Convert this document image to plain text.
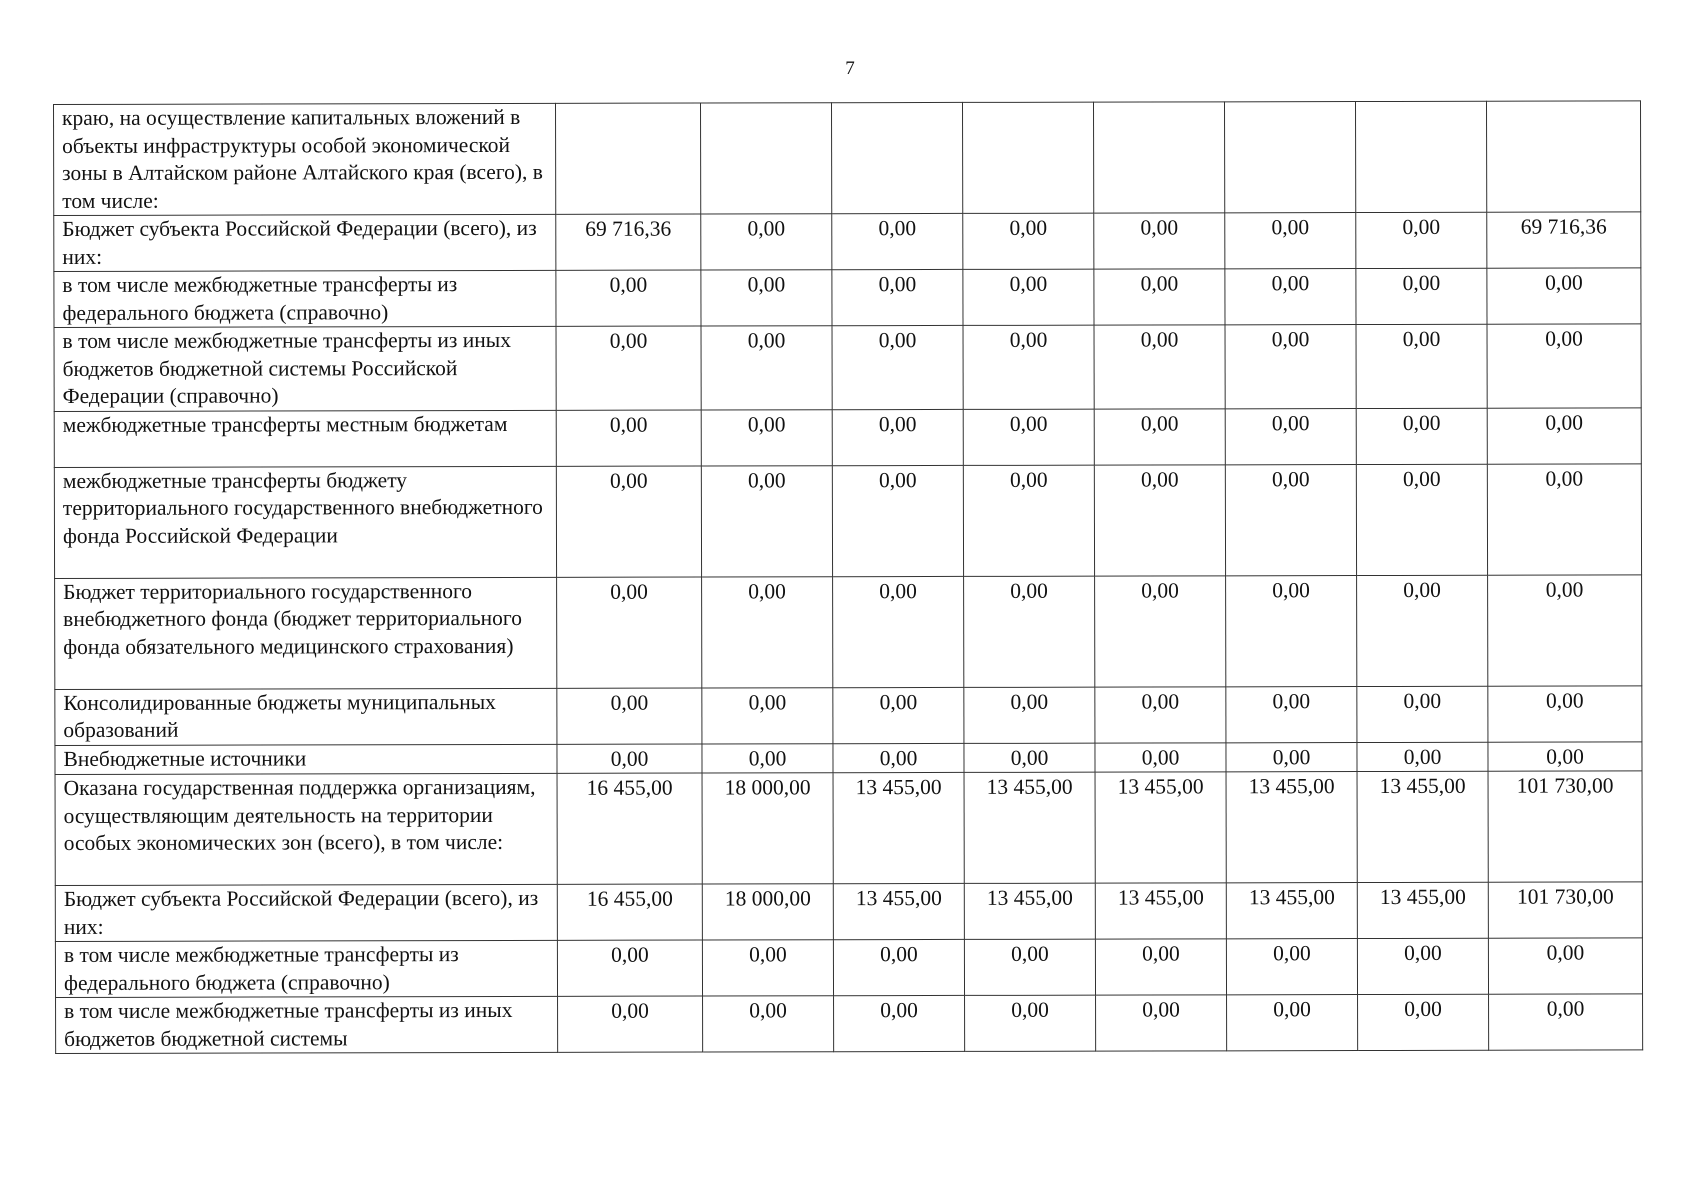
7
краю, на осуществление капитальных вложений в объекты инфраструктуры особой экономической зоны в Алтайском районе Алтайского края (всего), в том числе:								
Бюджет субъекта Российской Федерации (всего), из них:	69 716,36	0,00	0,00	0,00	0,00	0,00	0,00	69 716,36
в том числе межбюджетные трансферты из федерального бюджета (справочно)	0,00	0,00	0,00	0,00	0,00	0,00	0,00	0,00
в том числе межбюджетные трансферты из иных бюджетов бюджетной системы Российской Федерации (справочно)	0,00	0,00	0,00	0,00	0,00	0,00	0,00	0,00
межбюджетные трансферты местным бюджетам	0,00	0,00	0,00	0,00	0,00	0,00	0,00	0,00
межбюджетные трансферты бюджету территориального государственного внебюджетного фонда Российской Федерации	0,00	0,00	0,00	0,00	0,00	0,00	0,00	0,00
Бюджет территориального государственного внебюджетного фонда (бюджет территориального фонда обязательного медицинского страхования)	0,00	0,00	0,00	0,00	0,00	0,00	0,00	0,00
Консолидированные бюджеты муниципальных образований	0,00	0,00	0,00	0,00	0,00	0,00	0,00	0,00
Внебюджетные источники	0,00	0,00	0,00	0,00	0,00	0,00	0,00	0,00
Оказана государственная поддержка организациям, осуществляющим деятельность на территории особых экономических зон (всего), в том числе:	16 455,00	18 000,00	13 455,00	13 455,00	13 455,00	13 455,00	13 455,00	101 730,00
Бюджет субъекта Российской Федерации (всего), из них:	16 455,00	18 000,00	13 455,00	13 455,00	13 455,00	13 455,00	13 455,00	101 730,00
в том числе межбюджетные трансферты из федерального бюджета (справочно)	0,00	0,00	0,00	0,00	0,00	0,00	0,00	0,00
в том числе межбюджетные трансферты из иных бюджетов бюджетной системы	0,00	0,00	0,00	0,00	0,00	0,00	0,00	0,00
